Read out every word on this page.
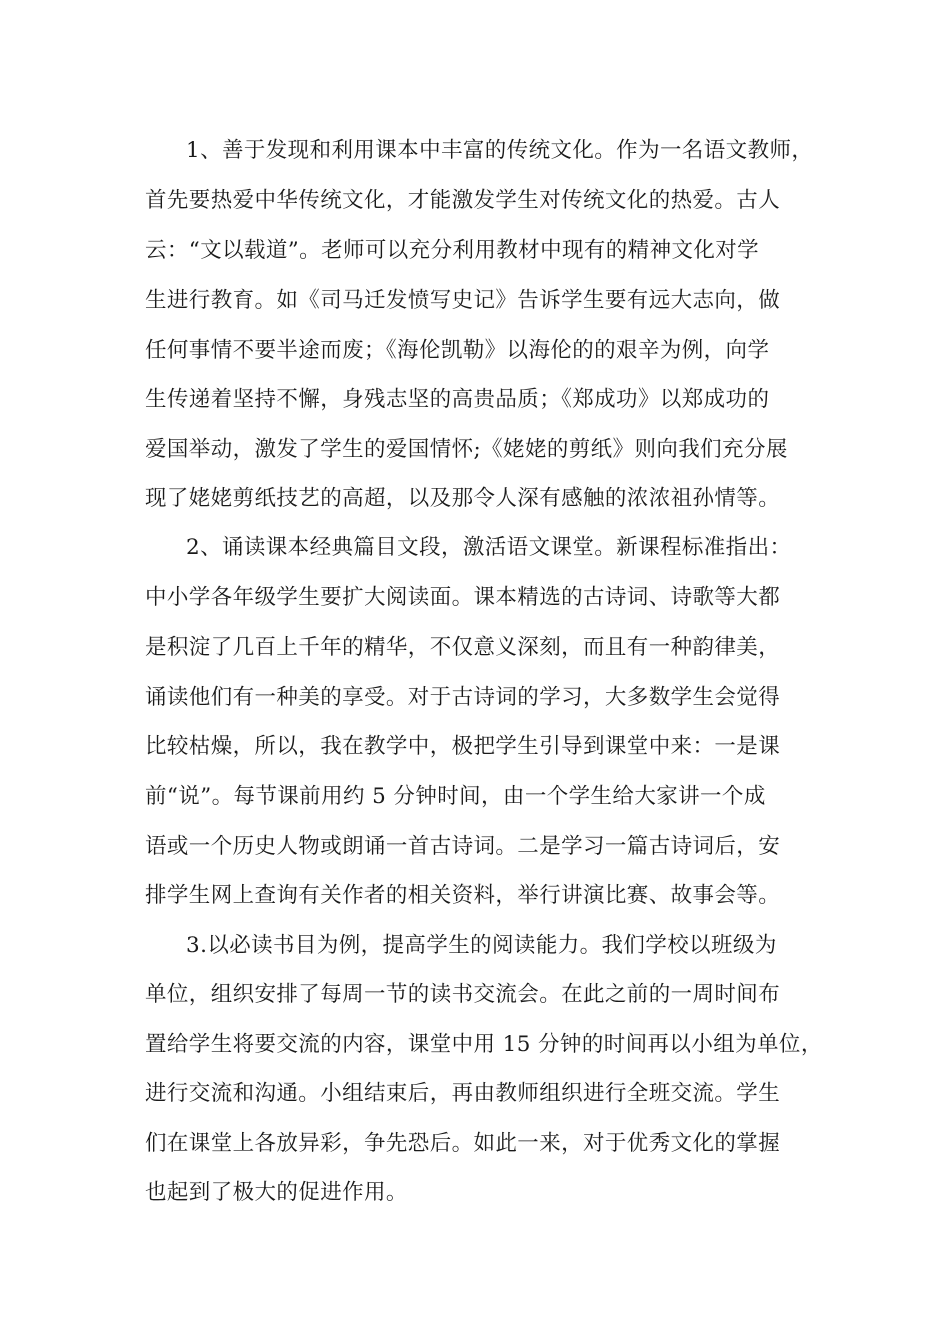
1、善于发现和利用课本中丰富的传统文化。作为一名语文教师，
首先要热爱中华传统文化，才能激发学生对传统文化的热爱。古人
云：“文以载道”。老师可以充分利用教材中现有的精神文化对学
生进行教育。如《司马迁发愤写史记》告诉学生要有远大志向，做
任何事情不要半途而废；《海伦凯勒》以海伦的的艰辛为例，向学
生传递着坚持不懈，身残志坚的高贵品质；《郑成功》以郑成功的
爱国举动，激发了学生的爱国情怀;《姥姥的剪纸》则向我们充分展
现了姥姥剪纸技艺的高超，以及那令人深有感触的浓浓祖孙情等。
2、诵读课本经典篇目文段，激活语文课堂。新课程标准指出：
中小学各年级学生要扩大阅读面。课本精选的古诗词、诗歌等大都
是积淀了几百上千年的精华，不仅意义深刻，而且有一种韵律美，
诵读他们有一种美的享受。对于古诗词的学习，大多数学生会觉得
比较枯燥，所以，我在教学中，极把学生引导到课堂中来：一是课
前“说”。每节课前用约 5 分钟时间，由一个学生给大家讲一个成
语或一个历史人物或朗诵一首古诗词。二是学习一篇古诗词后，安
排学生网上查询有关作者的相关资料，举行讲演比赛、故事会等。
3.以必读书目为例，提高学生的阅读能力。我们学校以班级为
单位，组织安排了每周一节的读书交流会。在此之前的一周时间布
置给学生将要交流的内容，课堂中用 15 分钟的时间再以小组为单位，
进行交流和沟通。小组结束后，再由教师组织进行全班交流。学生
们在课堂上各放异彩，争先恐后。如此一来，对于优秀文化的掌握
也起到了极大的促进作用。
